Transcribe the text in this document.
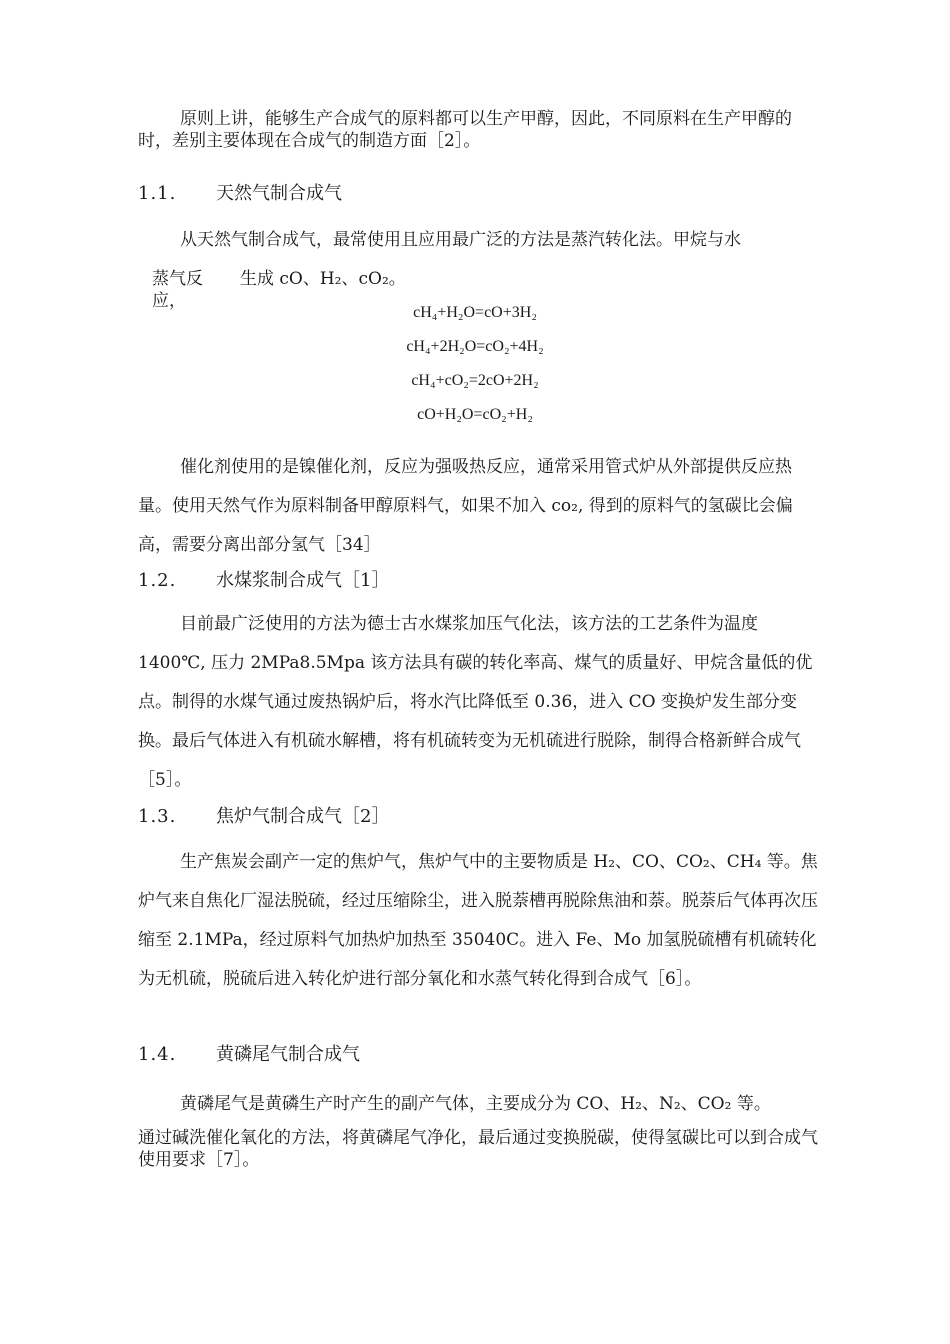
原则上讲，能够生产合成气的原料都可以生产甲醇，因此，不同原料在生产甲醇的时，差别主要体现在合成气的制造方面［2］。

1.1. 天然气制合成气

从天然气制合成气，最常使用且应用最广泛的方法是蒸汽转化法。甲烷与水

蒸气反
应，
生成 cO、H₂、cO₂。
cH₄+H₂O=cO+3H₂
cH₄+2H₂O=cO₂+4H₂
cH₄+cO₂=2cO+2H₂
cO+H₂O=cO₂+H₂

催化剂使用的是镍催化剂，反应为强吸热反应，通常采用管式炉从外部提供反应热量。使用天然气作为原料制备甲醇原料气，如果不加入 co₂, 得到的原料气的氢碳比会偏高，需要分离出部分氢气［34］

1.2. 水煤浆制合成气［1］

目前最广泛使用的方法为德士古水煤浆加压气化法，该方法的工艺条件为温度 1400℃, 压力 2MPa8.5Mpa 该方法具有碳的转化率高、煤气的质量好、甲烷含量低的优点。制得的水煤气通过废热锅炉后，将水汽比降低至 0.36，进入 CO 变换炉发生部分变换。最后气体进入有机硫水解槽，将有机硫转变为无机硫进行脱除，制得合格新鲜合成气［5］。

1.3. 焦炉气制合成气［2］

生产焦炭会副产一定的焦炉气，焦炉气中的主要物质是 H₂、CO、CO₂、CH₄ 等。焦炉气来自焦化厂湿法脱硫，经过压缩除尘，进入脱萘槽再脱除焦油和萘。脱萘后气体再次压缩至 2.1MPa，经过原料气加热炉加热至 35040C。进入 Fe、Mo 加氢脱硫槽有机硫转化为无机硫，脱硫后进入转化炉进行部分氧化和水蒸气转化得到合成气［6］。

1.4. 黄磷尾气制合成气

黄磷尾气是黄磷生产时产生的副产气体，主要成分为 CO、H₂、N₂、CO₂ 等。

通过碱洗催化氧化的方法，将黄磷尾气净化，最后通过变换脱碳，使得氢碳比可以到合成气使用要求［7］。
